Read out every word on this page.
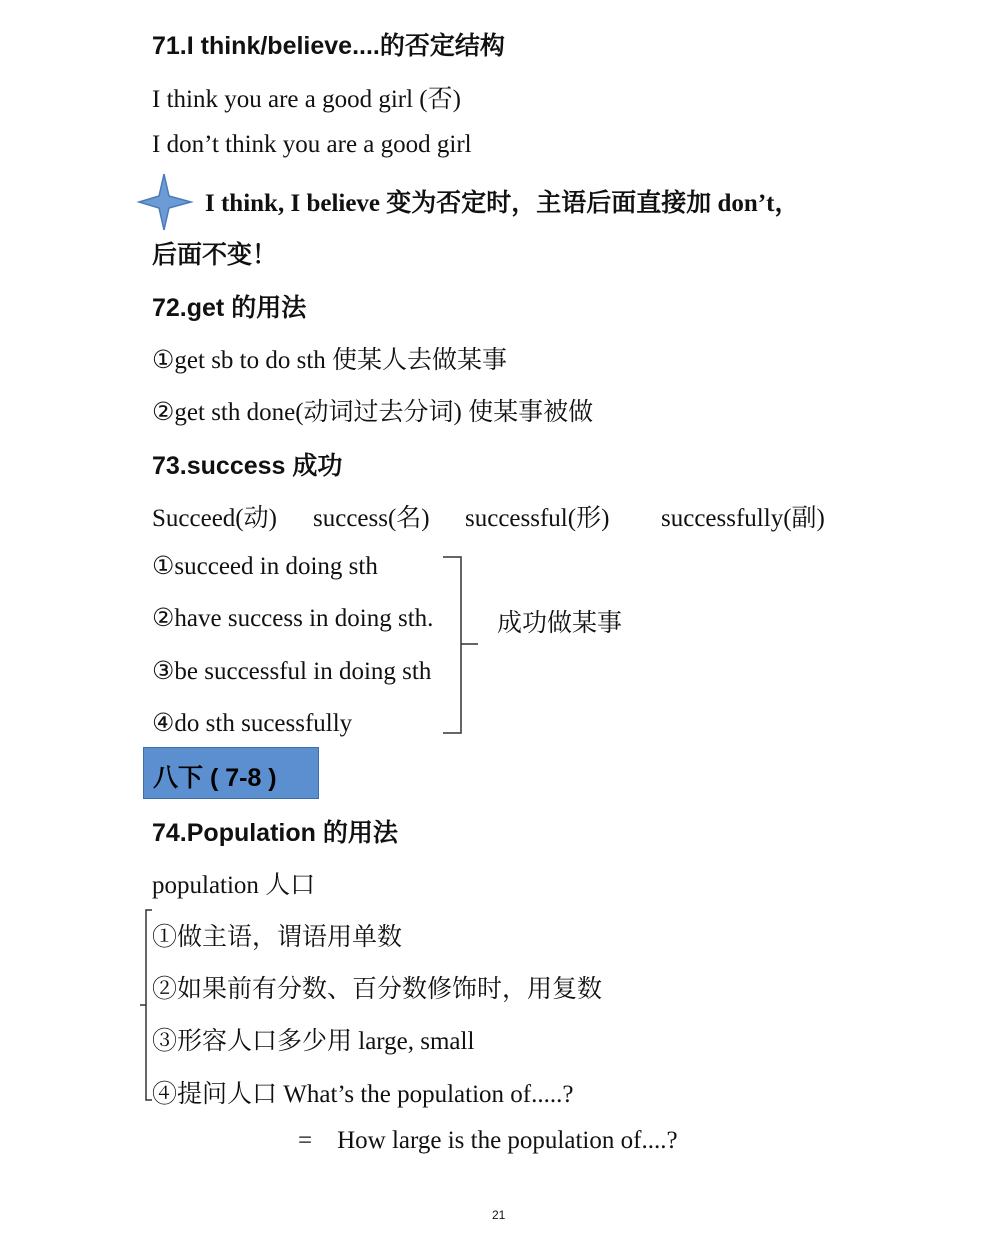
71.I think/believe....的否定结构
I think you are a good girl (否)
I don’t think you are a good girl
I think, I believe 变为否定时，主语后面直接加 don’t，
后面不变！
72.get 的用法
①get sb to do sth 使某人去做某事
②get sth done(动词过去分词) 使某事被做
73.success 成功
Succeed(动) success(名) successful(形) successfully(副)
①succeed in doing sth
②have success in doing sth.
③be successful in doing sth
④do sth sucessfully
成功做某事
八下 ( 7-8 )
74.Population 的用法
population 人口
①做主语，谓语用单数
②如果前有分数、百分数修饰时，用复数
③形容人口多少用 large, small
④提问人口 What’s the population of.....?
=    How large is the population of....?
21
